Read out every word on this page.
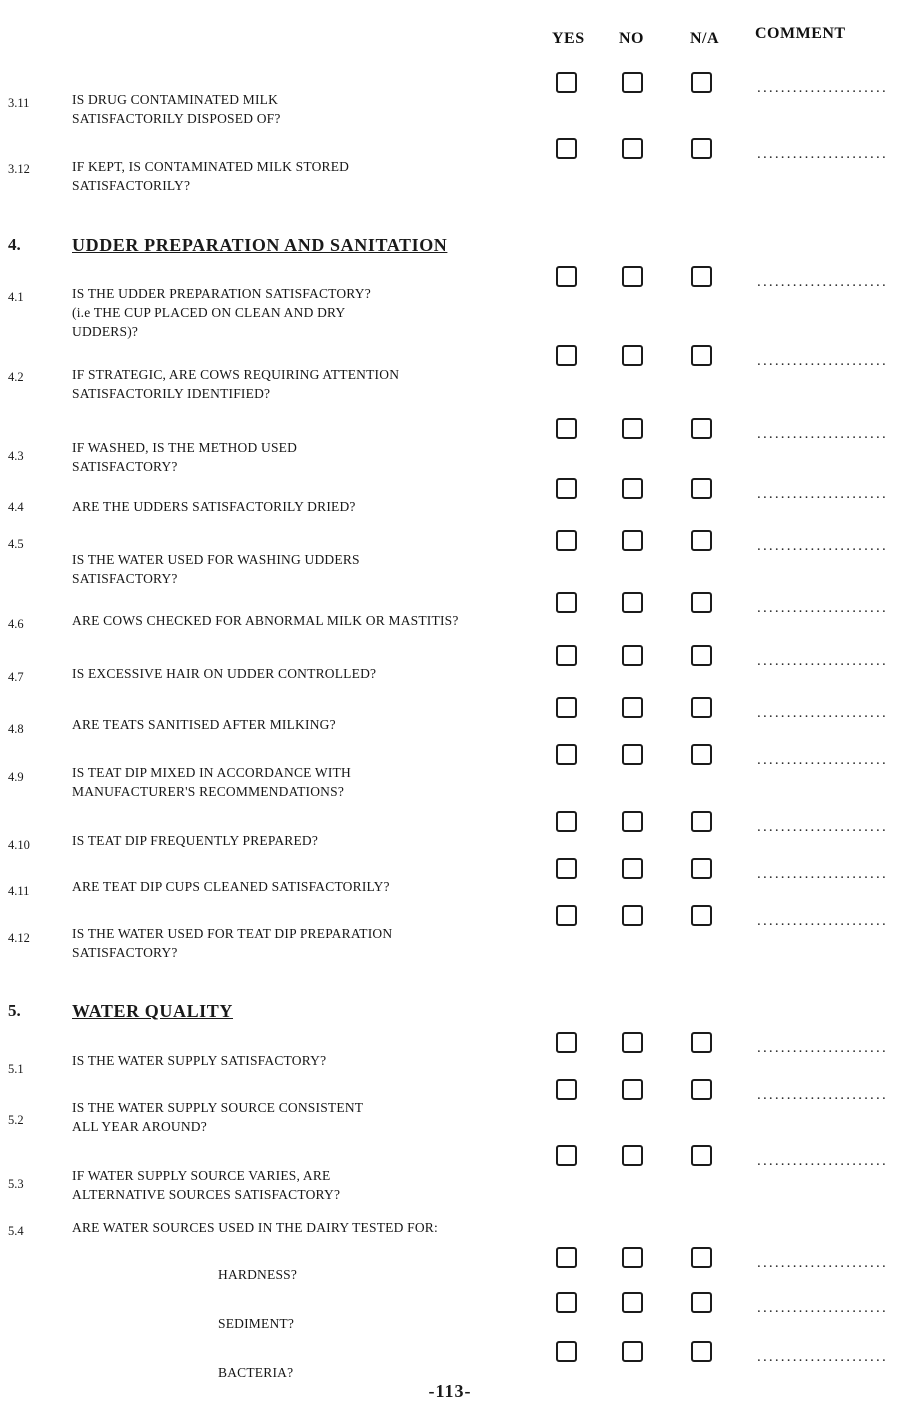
YES NO	N/A COMMENT
3.11	IS DRUG CONTAMINATED MILK
SATISFACTORILY DISPOSED OF?
......................
3.12	IF KEPT, IS CONTAMINATED MILK STORED
SATISFACTORILY?
......................
4.1	IS THE UDDER PREPARATION SATISFACTORY?
(i.e THE CUP PLACED ON CLEAN AND DRY
UDDERS)?
......................
4.2	IF STRATEGIC, ARE COWS REQUIRING ATTENTION
SATISFACTORILY IDENTIFIED?
......................
4.3
IF WASHED, IS THE METHOD USED
SATISFACTORY?
......................
4.4	ARE THE UDDERS SATISFACTORILY DRIED?
......................
4.5
IS THE WATER USED FOR WASHING UDDERS
SATISFACTORY?
......................
4.6	ARE COWS CHECKED FOR ABNORMAL MILK OR MASTITIS?
......................
4.7	IS EXCESSIVE HAIR ON UDDER CONTROLLED?
......................
4.8	ARE TEATS SANITISED AFTER MILKING?
......................
4.9	IS TEAT DIP MIXED IN ACCORDANCE WITH
MANUFACTURER'S RECOMMENDATIONS?
......................
4.10	IS TEAT DIP FREQUENTLY PREPARED?
......................
4.11	ARE TEAT DIP CUPS CLEANED SATISFACTORILY?
......................
4.12	IS THE WATER USED FOR TEAT DIP PREPARATION
SATISFACTORY?
......................
5.1
IS THE WATER SUPPLY SATISFACTORY?
......................
5.2
IS THE WATER SUPPLY SOURCE CONSISTENT
ALL YEAR AROUND?
......................
5.3
IF WATER SUPPLY SOURCE VARIES, ARE
ALTERNATIVE SOURCES SATISFACTORY?
......................
5.4	ARE WATER SOURCES USED IN THE DAIRY TESTED FOR:
HARDNESS?
......................
SEDIMENT?
......................
BACTERIA?
......................
4.	UDDER PREPARATION AND SANITATION
5.	WATER QUALITY
-113-
